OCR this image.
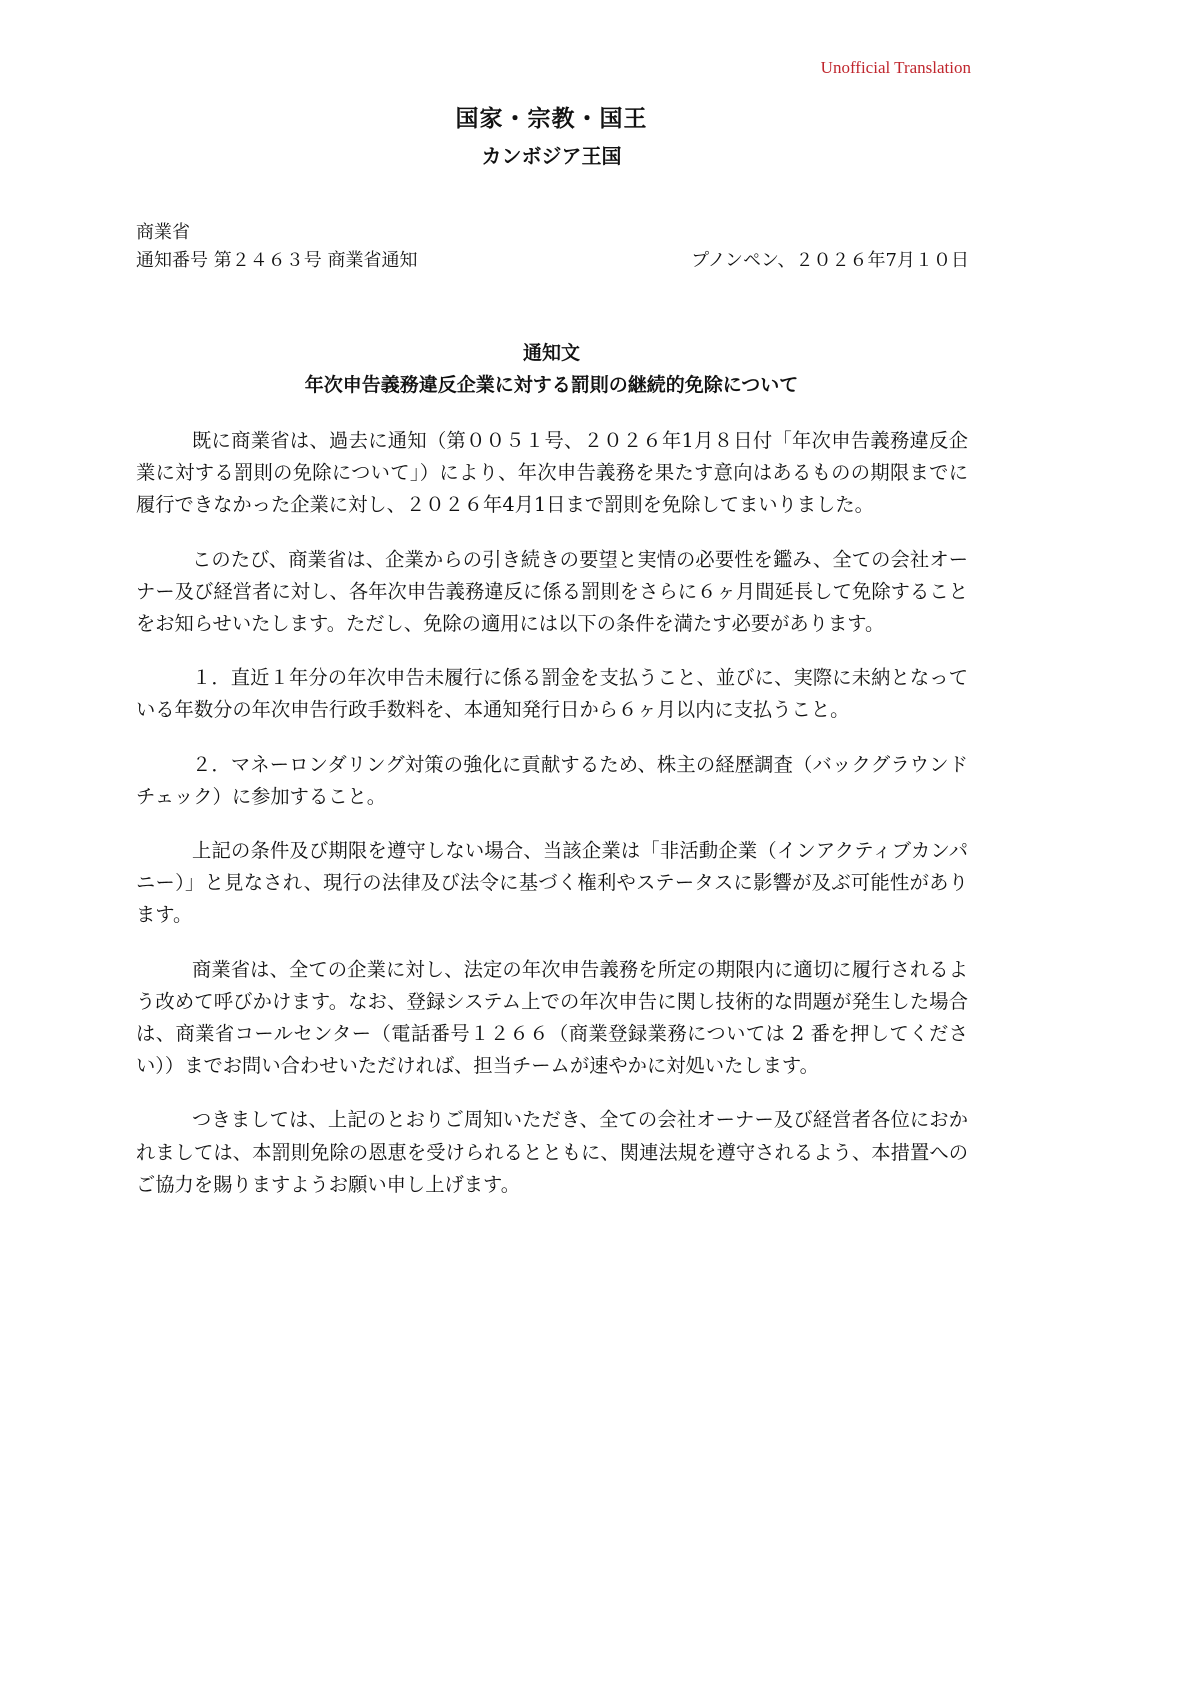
Unofficial Translation
国家・宗教・国王
カンボジア王国
商業省
通知番号 第２４６３号 商業省通知	プノンペン、２０２６年7月１０日
通知文
年次申告義務違反企業に対する罰則の継続的免除について

既に商業省は、過去に通知（第００５１号、２０２６年1月８日付「年次申告義務違反企業に対する罰則の免除について」）により、年次申告義務を果たす意向はあるものの期限までに履行できなかった企業に対し、２０２６年4月1日まで罰則を免除してまいりました。

このたび、商業省は、企業からの引き続きの要望と実情の必要性を鑑み、全ての会社オーナー及び経営者に対し、各年次申告義務違反に係る罰則をさらに６ヶ月間延長して免除することをお知らせいたします。ただし、免除の適用には以下の条件を満たす必要があります。

１．直近１年分の年次申告未履行に係る罰金を支払うこと、並びに、実際に未納となっている年数分の年次申告行政手数料を、本通知発行日から６ヶ月以内に支払うこと。

２．マネーロンダリング対策の強化に貢献するため、株主の経歴調査（バックグラウンドチェック）に参加すること。

上記の条件及び期限を遵守しない場合、当該企業は「非活動企業（インアクティブカンパニー）」と見なされ、現行の法律及び法令に基づく権利やステータスに影響が及ぶ可能性があります。

商業省は、全ての企業に対し、法定の年次申告義務を所定の期限内に適切に履行されるよう改めて呼びかけます。なお、登録システム上での年次申告に関し技術的な問題が発生した場合は、商業省コールセンター（電話番号１２６６（商業登録業務については 2 番を押してください））までお問い合わせいただければ、担当チームが速やかに対処いたします。

つきましては、上記のとおりご周知いただき、全ての会社オーナー及び経営者各位におかれましては、本罰則免除の恩恵を受けられるとともに、関連法規を遵守されるよう、本措置へのご協力を賜りますようお願い申し上げます。
